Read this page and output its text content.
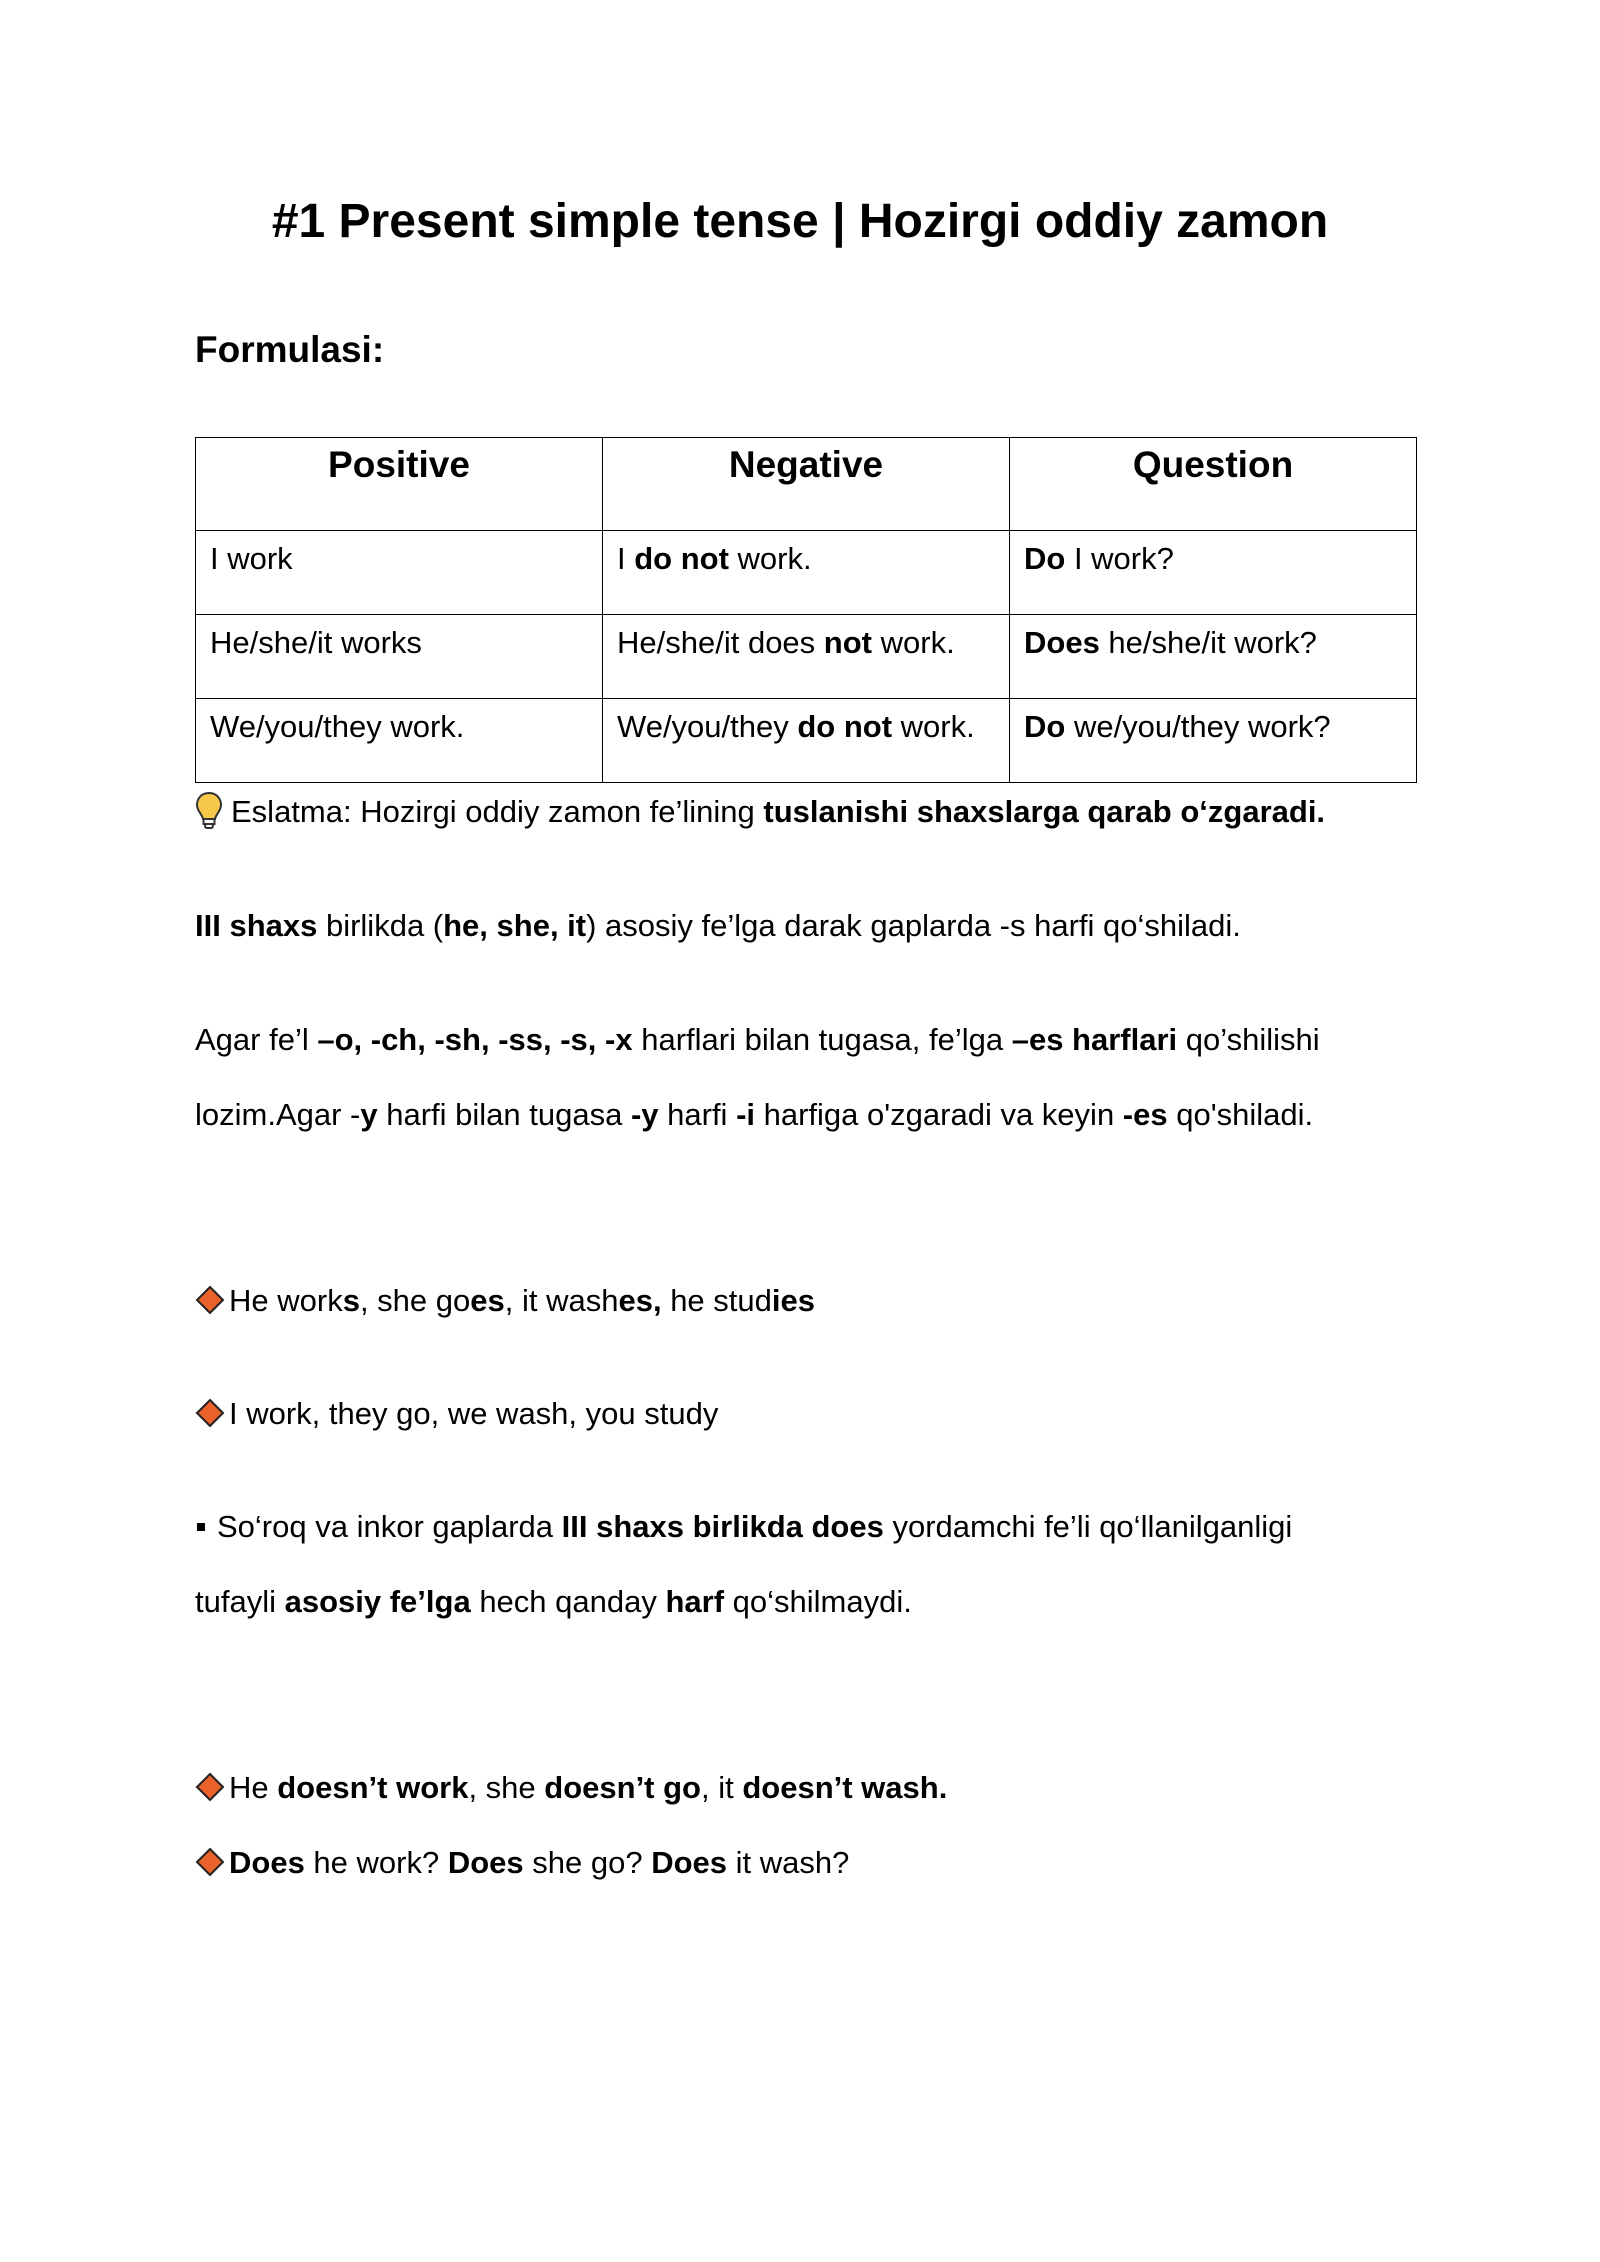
#1 Present simple tense | Hozirgi oddiy zamon
Formulasi:
Positive	Negative	Question
I work	I do not work.	Do I work?
He/she/it works	He/she/it does not work.	Does he/she/it work?
We/you/they work.	We/you/they do not work.	Do we/you/they work?

Eslatma: Hozirgi oddiy zamon fe’lining tuslanishi shaxslarga qarab o‘zgaradi.

III shaxs birlikda (he, she, it) asosiy fe’lga darak gaplarda -s harfi qo‘shiladi.

Agar fe’l –o, -ch, -sh, -ss, -s, -x harflari bilan tugasa, fe’lga –es harflari qo’shilishi

lozim.Agar -y harfi bilan tugasa -y harfi -i harfiga o'zgaradi va keyin -es qo'shiladi.

He works, she goes, it washes, he studies

I work, they go, we wash, you study

So‘roq va inkor gaplarda III shaxs birlikda does yordamchi fe’li qo‘llanilganligi

tufayli asosiy fe’lga hech qanday harf qo‘shilmaydi.

He doesn’t work, she doesn’t go, it doesn’t wash.

Does he work? Does she go? Does it wash?
